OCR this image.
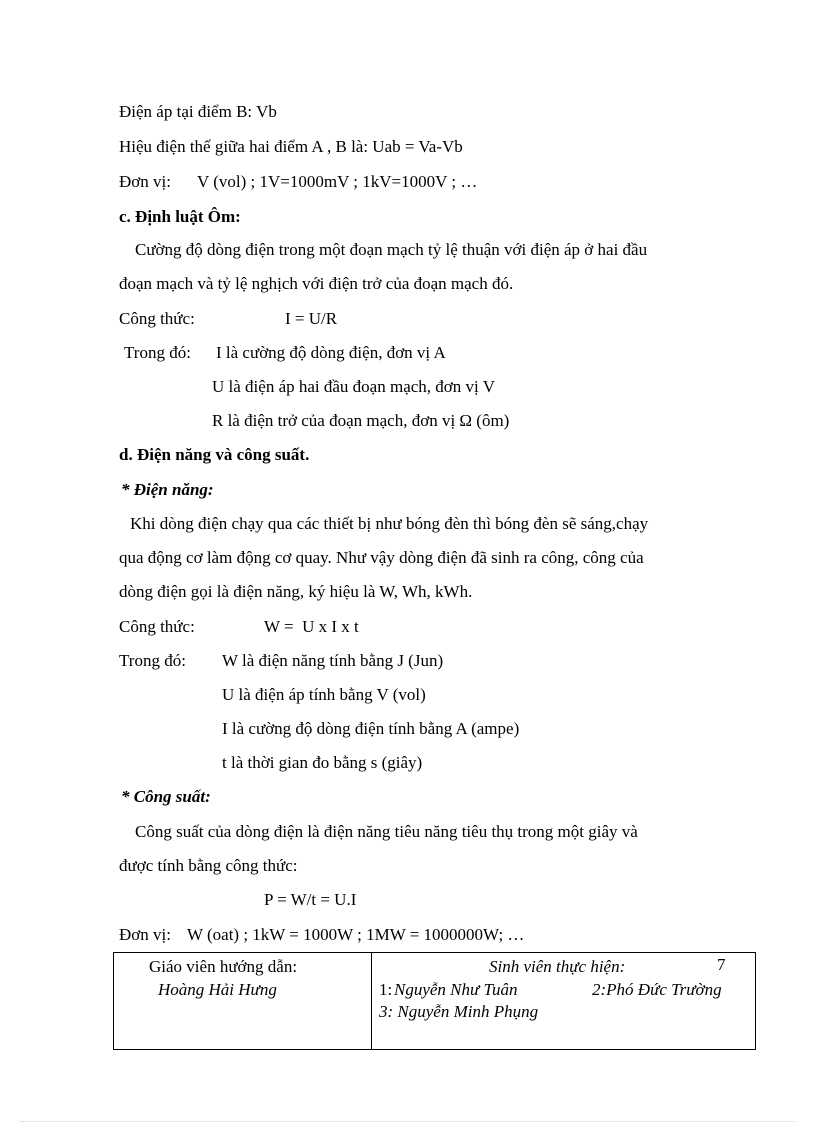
Điện áp tại điểm B: Vb
Hiệu điện thế giữa hai điểm A , B là: Uab = Va-Vb
Đơn vị: V (vol) ; 1V=1000mV ; 1kV=1000V ; …
c. Định luật Ôm:
Cường độ dòng điện trong một đoạn mạch tỷ lệ thuận với điện áp ở hai đầu
đoạn mạch và tỷ lệ nghịch với điện trở của đoạn mạch đó.
Công thức:	I = U/R
Trong đó: I là cường độ dòng điện, đơn vị A
U là điện áp hai đầu đoạn mạch, đơn vị V
R là điện trở của đoạn mạch, đơn vị Ω (ôm)
d. Điện năng và công suất.
* Điện năng:
Khi dòng điện chạy qua các thiết bị như bóng đèn thì bóng đèn sẽ sáng,chạy
qua động cơ làm động cơ quay. Như vậy dòng điện đã sinh ra công, công của
dòng điện gọi là điện năng, ký hiệu là W, Wh, kWh.
Công thức:	W =  U x I x t
Trong đó: W là điện năng tính bằng J (Jun)
U là điện áp tính bằng V (vol)
I là cường độ dòng điện tính bằng A (ampe)
t là thời gian đo bằng s (giây)
* Công suất:
Công suất của dòng điện là điện năng tiêu năng tiêu thụ trong một giây và
được tính bằng công thức:
P = W/t = U.I
Đơn vị: W (oat) ; 1kW = 1000W ; 1MW = 1000000W; …
Giáo viên hướng dẫn:
Hoàng Hải Hưng
Sinh viên thực hiện:	7
1: Nguyễn Như Tuân	2:Phó Đức Trường
3: Nguyễn Minh Phụng
